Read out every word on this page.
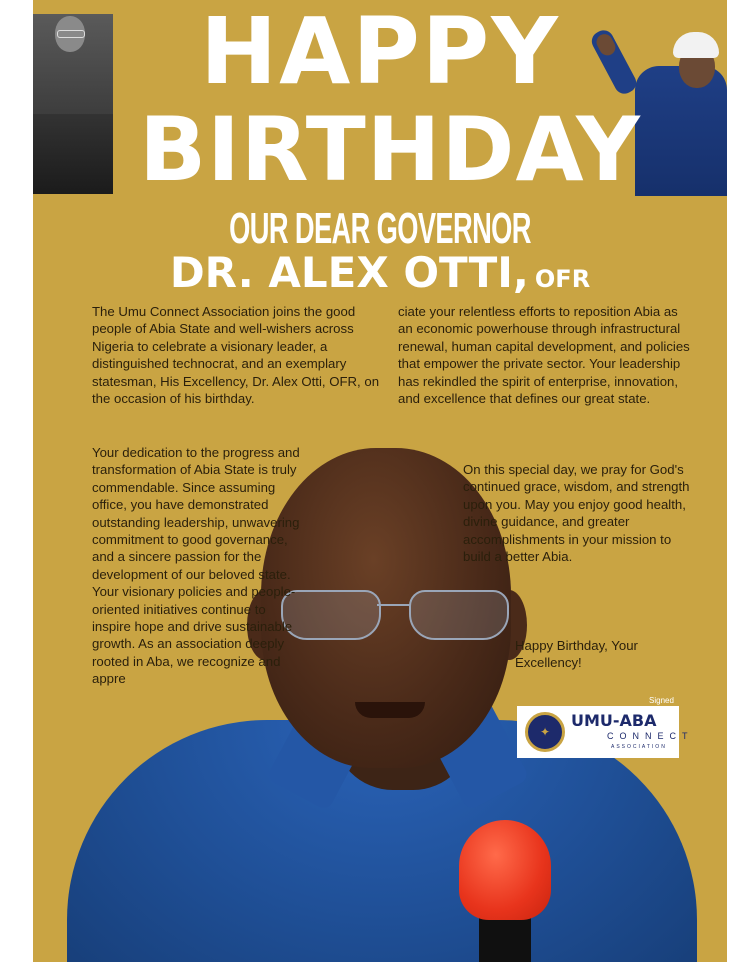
HAPPY
BIRTHDAY
OUR DEAR GOVERNOR
DR. ALEX OTTI, OFR
The Umu Connect Association joins the good people of Abia State and well-wishers across Nigeria to celebrate a visionary leader, a distinguished technocrat, and an exemplary statesman, His Excellency, Dr. Alex Otti, OFR, on the occasion of his birthday.
ciate your relentless efforts to reposition Abia as an economic powerhouse through infrastructural renewal, human capital development, and policies that empower the private sector. Your leadership has rekindled the spirit of enterprise, innovation, and excellence that defines our great state.
Your dedication to the progress and transformation of Abia State is truly commendable. Since assuming office, you have demonstrated outstanding leadership, unwavering commitment to good governance, and a sincere passion for the development of our beloved state. Your visionary policies and people-oriented initiatives continue to inspire hope and drive sustainable growth. As an association deeply rooted in Aba, we recognize and appre
On this special day, we pray for God's continued grace, wisdom, and strength upon you. May you enjoy good health, divine guidance, and greater accomplishments in your mission to build a better Abia.
Happy Birthday, Your Excellency!
Signed
✦
UMU-ABA
CONNECT
ASSOCIATION
